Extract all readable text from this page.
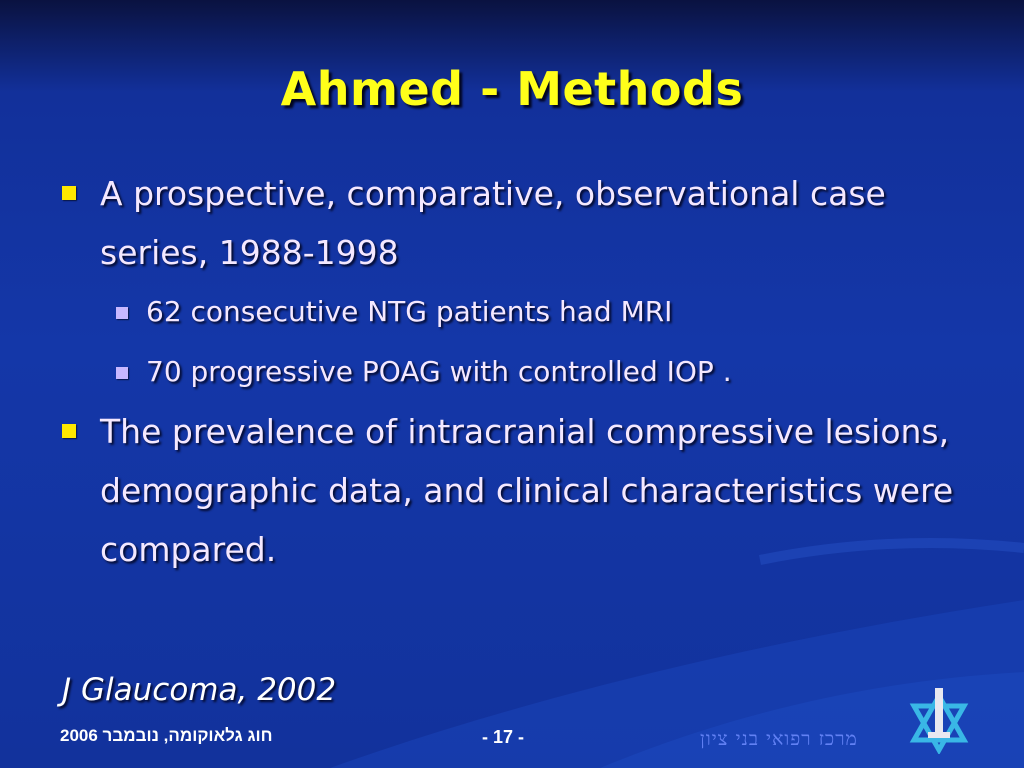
Ahmed - Methods
A prospective, comparative, observational case series, 1988-1998
62 consecutive NTG patients had MRI
70 progressive POAG with controlled IOP .
The prevalence of intracranial compressive lesions, demographic data, and clinical characteristics were compared.
J Glaucoma, 2002
חוג גלאוקומה, נובמבר 2006	- 17 -	מרכז רפואי בני ציון
